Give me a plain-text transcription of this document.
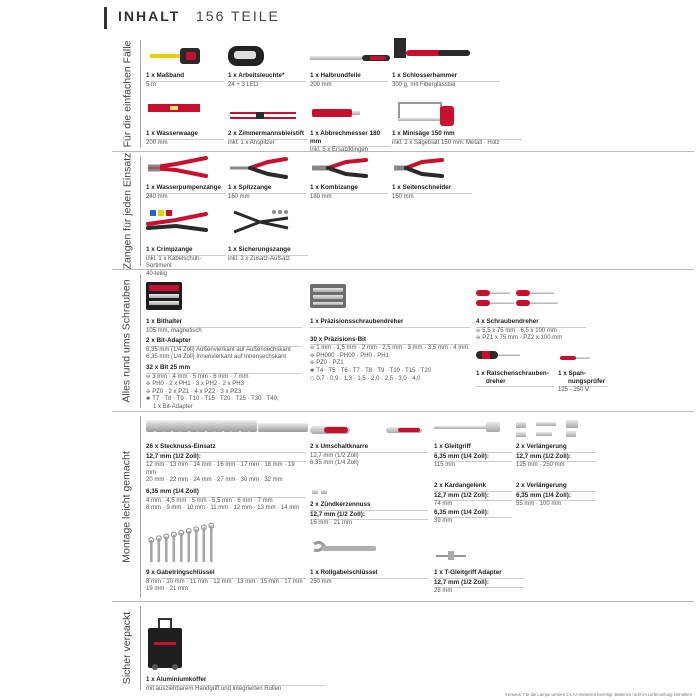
INHALT 156 TEILE
Für die einfachen Fälle
Zangen für jeden Einsatz
Alles rund ums Schrauben
Montage leicht gemacht
Sicher verpackt
1 x Maßband
5 m
1 x Arbeitsleuchte*
24 + 3 LED
1 x Halbrundfeile
200 mm
1 x Schlosserhammer
300 g, mit Fiberglasstiel
1 x Wasserwaage
200 mm
2 x Zimmermannsbleistift
inkl. 1 x Anspitzer
1 x Abbrechmesser 180 mm
inkl. 5 x Ersatzklingen
1 x Minisäge 150 mm
inkl. 2 x Sägeblatt 150 mm: Metall · Holz
1 x Wasserpumpenzange
240 mm
1 x Spitzzange
160 mm
1 x Kombizange
180 mm
1 x Seitenschneider
160 mm
1 x Crimpzange
inkl. 1 x Kabelschuh-Sortiment
40-teilig
1 x Sicherungszange
inkl. 3 x Zusatz-Aufsatz
1 x Bithalter
105 mm, magnetisch
2 x Bit-Adapter
6,35 mm (1/4 Zoll) Außenvierkant auf Außensechskant
6,35 mm (1/4 Zoll) Innenvierkant auf Innensechskant
32 x Bit 25 mm
⊖ 3 mm · 4 mm · 5 mm · 6 mm · 7 mm
✣ PH0 · 2 x PH1 · 3 x PH2 · 2 x PH3
✣ PZ0 · 2 x PZ1 · 4 x PZ2 · 3 x PZ3
✱ T7 · T8 · T9 · T10 · T15 · T20 · T25 · T30 · T40;
1 x Bit-Adapter
1 x Präzisionsschraubendreher
30 x Präzisions-Bit
⊖ 1 mm · 1,5 mm · 2 mm · 2,5 mm · 3 mm · 3,5 mm · 4 mm
✣ PH000 · PH00 · PH0 · PH1
✣ PZ0 · PZ1
✱ T4 · T5 · T6 · T7 · T8 · T9 · T10 · T15 · T20
⬡ 0,7 · 0,9 · 1,3 · 1,5 · 2,0 · 2,5 · 3,0 · 4,0
4 x Schraubendreher
⊖ 5,5 x 75 mm · 6,5 x 100 mm
✣ PZ1 x 75 mm · PZ2 x 100 mm
1 x Ratschenschrauben-
dreher
1 x Span-
nungsprüfer
125 - 250 V
26 x Stecknuss-Einsatz
12,7 mm (1/2 Zoll):
12 mm · 13 mm · 14 mm · 16 mm · 17 mm · 18 mm · 19 mm
20 mm · 22 mm · 24 mm · 27 mm · 30 mm · 32 mm
6,35 mm (1/4 Zoll)
4 mm · 4,5 mm · 5 mm · 5,5 mm · 6 mm · 7 mm
8 mm · 9 mm · 10 mm · 11 mm · 12 mm · 13 mm · 14 mm
2 x Umschaltknarre
12,7 mm (1/2 Zoll)
6,35 mm (1/4 Zoll)
2 x Zündkerzennuss
12,7 mm (1/2 Zoll):
16 mm · 21 mm
1 x Gleitgriff
6,35 mm (1/4 Zoll):
115 mm
2 x Kardangelenk
12,7 mm (1/2 Zoll):
74 mm
6,35 mm (1/4 Zoll):
39 mm
2 x Verlängerung
12,7 mm (1/2 Zoll):
125 mm · 250 mm
2 x Verlängerung
6,35 mm (1/4 Zoll):
55 mm · 100 mm
9 x Gabelringschlüssel
8 mm · 10 mm · 11 mm · 12 mm · 13 mm · 15 mm · 17 mm
19 mm · 21 mm
1 x Rollgabelschlüssel
250 mm
1 x T-Gleitgriff Adapter
12,7 mm (1/2 Zoll):
28 mm
1 x Aluminiumkoffer
mit ausziehbarem Handgriff und integrierten Rollen
*Hinweis: Für die Lampe werden 3 x AA Batterien benötigt. Batterien nicht im Lieferumfang enthalten!
